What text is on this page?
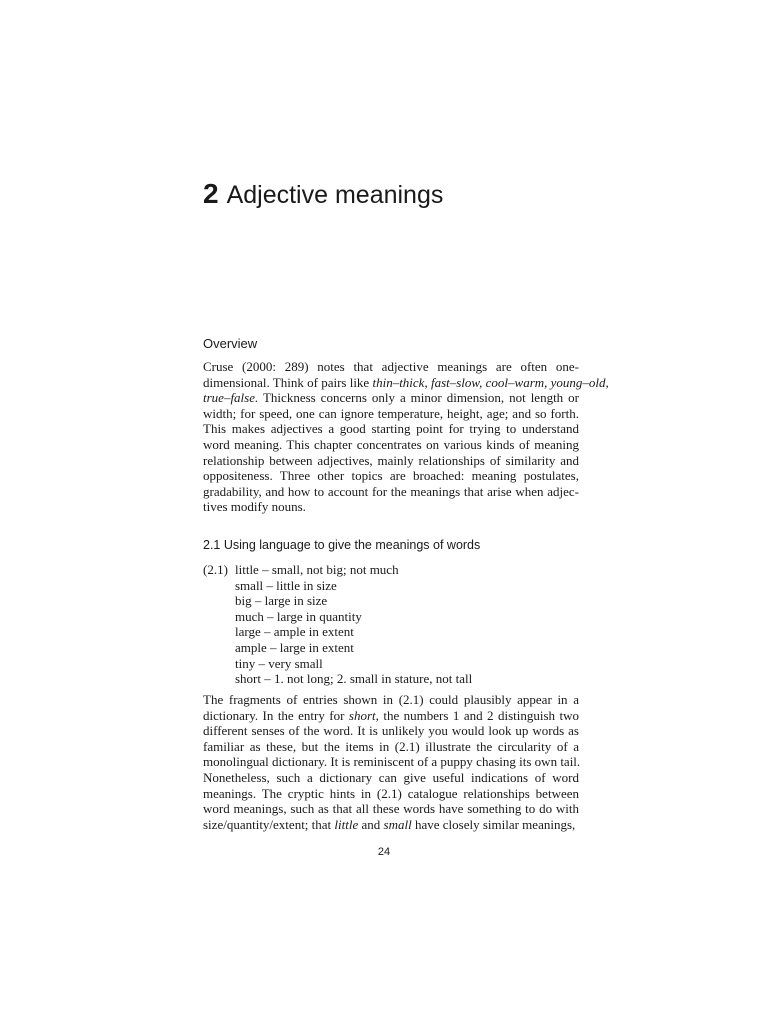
2 Adjective meanings
Overview
Cruse (2000: 289) notes that adjective meanings are often one-
dimensional. Think of pairs like thin–thick, fast–slow, cool–warm, young–old,
true–false. Thickness concerns only a minor dimension, not length or
width; for speed, one can ignore temperature, height, age; and so forth.
This makes adjectives a good starting point for trying to understand
word meaning. This chapter concentrates on various kinds of meaning
relationship between adjectives, mainly relationships of similarity and
oppositeness. Three other topics are broached: meaning postulates,
gradability, and how to account for the meanings that arise when adjec-
tives modify nouns.
2.1 Using language to give the meanings of words
(2.1) little – small, not big; not much
small – little in size
big – large in size
much – large in quantity
large – ample in extent
ample – large in extent
tiny – very small
short – 1. not long; 2. small in stature, not tall
The fragments of entries shown in (2.1) could plausibly appear in a
dictionary. In the entry for short, the numbers 1 and 2 distinguish two
different senses of the word. It is unlikely you would look up words as
familiar as these, but the items in (2.1) illustrate the circularity of a
monolingual dictionary. It is reminiscent of a puppy chasing its own tail.
Nonetheless, such a dictionary can give useful indications of word
meanings. The cryptic hints in (2.1) catalogue relationships between
word meanings, such as that all these words have something to do with
size/quantity/extent; that little and small have closely similar meanings,
24
